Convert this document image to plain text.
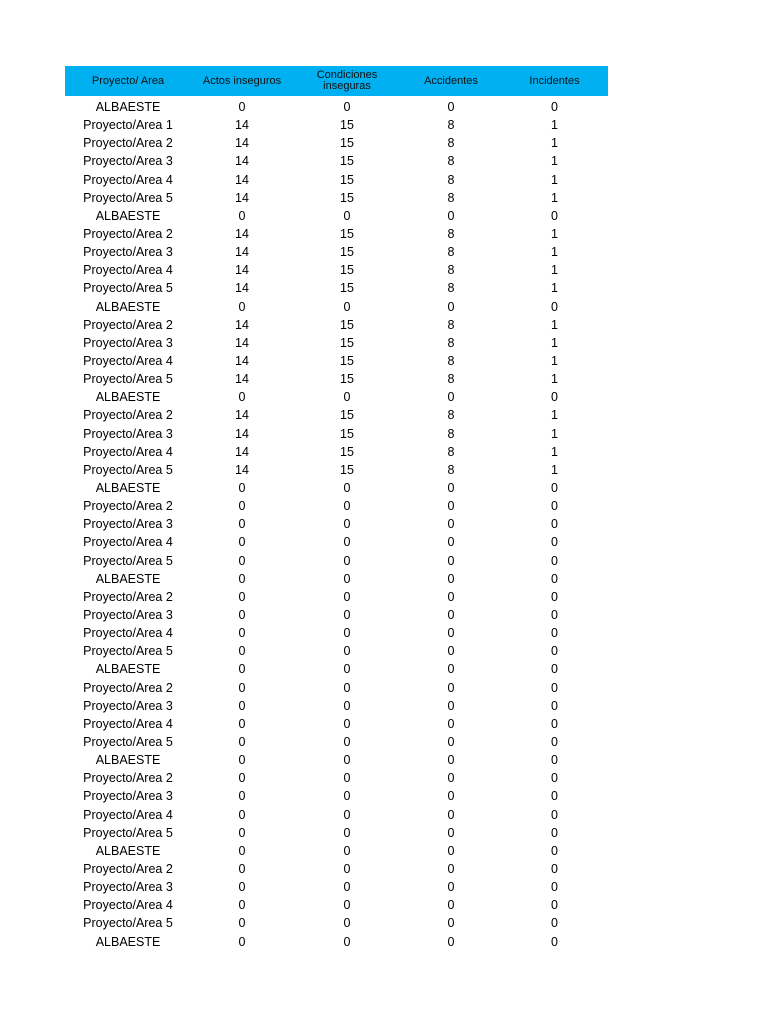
Proyecto/ Area	Actos inseguros	Condiciones inseguras	Accidentes	Incidentes
ALBAESTE	0	0	0	0
Proyecto/Area 1	14	15	8	1
Proyecto/Area 2	14	15	8	1
Proyecto/Area 3	14	15	8	1
Proyecto/Area 4	14	15	8	1
Proyecto/Area 5	14	15	8	1
ALBAESTE	0	0	0	0
Proyecto/Area 2	14	15	8	1
Proyecto/Area 3	14	15	8	1
Proyecto/Area 4	14	15	8	1
Proyecto/Area 5	14	15	8	1
ALBAESTE	0	0	0	0
Proyecto/Area 2	14	15	8	1
Proyecto/Area 3	14	15	8	1
Proyecto/Area 4	14	15	8	1
Proyecto/Area 5	14	15	8	1
ALBAESTE	0	0	0	0
Proyecto/Area 2	14	15	8	1
Proyecto/Area 3	14	15	8	1
Proyecto/Area 4	14	15	8	1
Proyecto/Area 5	14	15	8	1
ALBAESTE	0	0	0	0
Proyecto/Area 2	0	0	0	0
Proyecto/Area 3	0	0	0	0
Proyecto/Area 4	0	0	0	0
Proyecto/Area 5	0	0	0	0
ALBAESTE	0	0	0	0
Proyecto/Area 2	0	0	0	0
Proyecto/Area 3	0	0	0	0
Proyecto/Area 4	0	0	0	0
Proyecto/Area 5	0	0	0	0
ALBAESTE	0	0	0	0
Proyecto/Area 2	0	0	0	0
Proyecto/Area 3	0	0	0	0
Proyecto/Area 4	0	0	0	0
Proyecto/Area 5	0	0	0	0
ALBAESTE	0	0	0	0
Proyecto/Area 2	0	0	0	0
Proyecto/Area 3	0	0	0	0
Proyecto/Area 4	0	0	0	0
Proyecto/Area 5	0	0	0	0
ALBAESTE	0	0	0	0
Proyecto/Area 2	0	0	0	0
Proyecto/Area 3	0	0	0	0
Proyecto/Area 4	0	0	0	0
Proyecto/Area 5	0	0	0	0
ALBAESTE	0	0	0	0
